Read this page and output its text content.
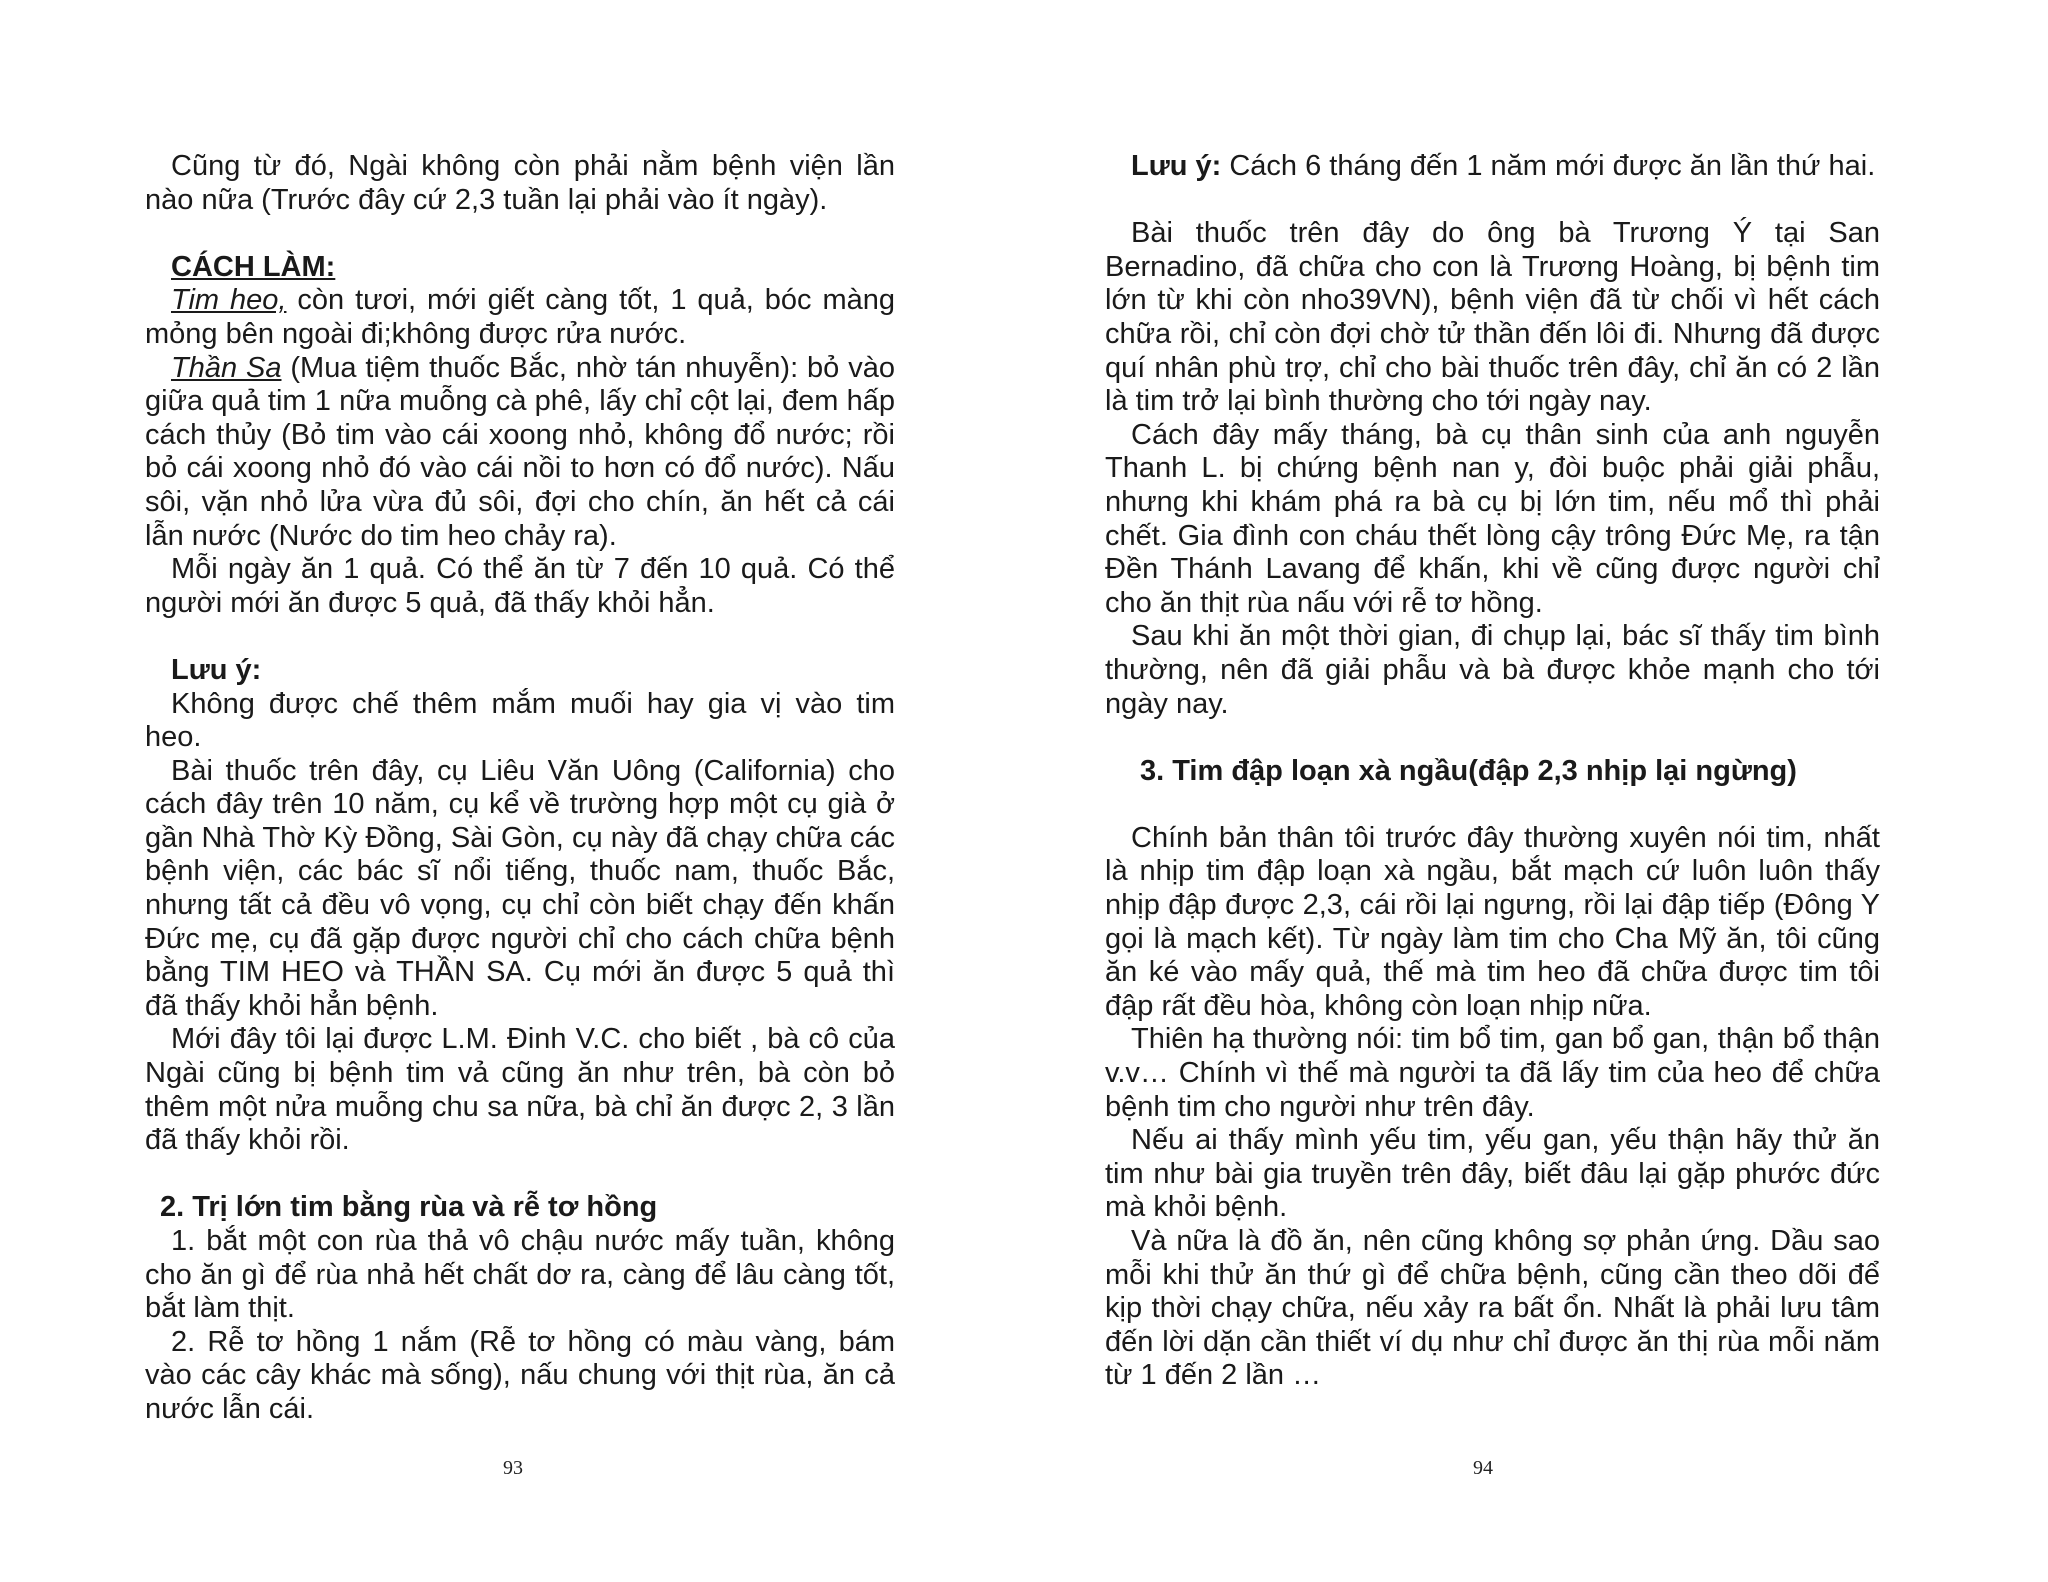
Cũng từ đó, Ngài không còn phải nằm bệnh viện lần nào nữa (Trước đây cứ 2,3 tuần lại phải vào ít ngày).

CÁCH LÀM:

Tim heo, còn tươi, mới giết càng tốt, 1 quả, bóc màng mỏng bên ngoài đi;không được rửa nước.

Thần Sa (Mua tiệm thuốc Bắc, nhờ tán nhuyễn): bỏ vào giữa quả tim 1 nữa muỗng cà phê, lấy chỉ cột lại, đem hấp cách thủy (Bỏ tim vào cái xoong nhỏ, không đổ nước; rồi bỏ cái xoong nhỏ đó vào cái nồi to hơn có đổ nước). Nấu sôi, vặn nhỏ lửa vừa đủ sôi, đợi cho chín, ăn hết cả cái lẫn nước (Nước do tim heo chảy ra).

Mỗi ngày ăn 1 quả. Có thể ăn từ 7 đến 10 quả. Có thể người mới ăn được 5 quả, đã thấy khỏi hẳn.

Lưu ý:

Không được chế thêm mắm muối hay gia vị vào tim heo.

Bài thuốc trên đây, cụ Liêu Văn Uông (California) cho cách đây trên 10 năm, cụ kể về trường hợp một cụ già ở gần Nhà Thờ Kỳ Đồng, Sài Gòn, cụ này đã chạy chữa các bệnh viện, các bác sĩ nổi tiếng, thuốc nam, thuốc Bắc, nhưng tất cả đều vô vọng, cụ chỉ còn biết chạy đến khấn Đức mẹ, cụ đã gặp được người chỉ cho cách chữa bệnh bằng TIM HEO và THẦN SA. Cụ mới ăn được 5 quả thì đã thấy khỏi hẳn bệnh.

Mới đây tôi lại được L.M. Đinh V.C. cho biết , bà cô của Ngài cũng bị bệnh tim vả cũng ăn như trên, bà còn bỏ thêm một nửa muỗng chu sa nữa, bà chỉ ăn được 2, 3 lần đã thấy khỏi rồi.

2. Trị lớn tim bằng rùa và rễ tơ hồng

1. bắt một con rùa thả vô chậu nước mấy tuần, không cho ăn gì để rùa nhả hết chất dơ ra, càng để lâu càng tốt, bắt làm thịt.

2. Rễ tơ hồng 1 nắm (Rễ tơ hồng có màu vàng, bám vào các cây khác mà sống), nấu chung với thịt rùa, ăn cả nước lẫn cái.

93

Lưu ý: Cách 6 tháng đến 1 năm mới được ăn lần thứ hai.

Bài thuốc trên đây do ông bà Trương Ý tại San Bernadino, đã chữa cho con là Trương Hoàng, bị bệnh tim lớn từ khi còn nho39VN), bệnh viện đã từ chối vì hết cách chữa rồi, chỉ còn đợi chờ tử thần đến lôi đi. Nhưng đã được quí nhân phù trợ, chỉ cho bài thuốc trên đây, chỉ ăn có 2 lần là tim trở lại bình thường cho tới ngày nay.

Cách đây mấy tháng, bà cụ thân sinh của anh nguyễn Thanh L. bị chứng bệnh nan y, đòi buộc phải giải phẫu, nhưng khi khám phá ra bà cụ bị lớn tim, nếu mổ thì phải chết. Gia đình con cháu thết lòng cậy trông Đức Mẹ, ra tận Đền Thánh Lavang để khấn, khi về cũng được người chỉ cho ăn thịt rùa nấu với rễ tơ hồng.

Sau khi ăn một thời gian, đi chụp lại, bác sĩ thấy tim bình thường, nên đã giải phẫu và bà được khỏe mạnh cho tới ngày nay.

3. Tim đập loạn xà ngầu(đập 2,3 nhịp lại ngừng)

Chính bản thân tôi trước đây thường xuyên nói tim, nhất là nhịp tim đập loạn xà ngầu, bắt mạch cứ luôn luôn thấy nhịp đập được 2,3, cái rồi lại ngưng, rồi lại đập tiếp (Đông Y gọi là mạch kết). Từ ngày làm tim cho Cha Mỹ ăn, tôi cũng ăn ké vào mấy quả, thế mà tim heo đã chữa được tim tôi đập rất đều hòa, không còn loạn nhịp nữa.

Thiên hạ thường nói: tim bổ tim, gan bổ gan, thận bổ thận v.v… Chính vì thế mà người ta đã lấy tim của heo để chữa bệnh tim cho người như trên đây.

Nếu ai thấy mình yếu tim, yếu gan, yếu thận hãy thử ăn tim như bài gia truyền trên đây, biết đâu lại gặp phước đức mà khỏi bệnh.

Và nữa là đồ ăn, nên cũng không sợ phản ứng. Dầu sao mỗi khi thử ăn thứ gì để chữa bệnh, cũng cần theo dõi để kịp thời chạy chữa, nếu xảy ra bất ổn. Nhất là phải lưu tâm đến lời dặn cần thiết ví dụ như chỉ được ăn thị rùa mỗi năm từ 1 đến 2 lần …

94
